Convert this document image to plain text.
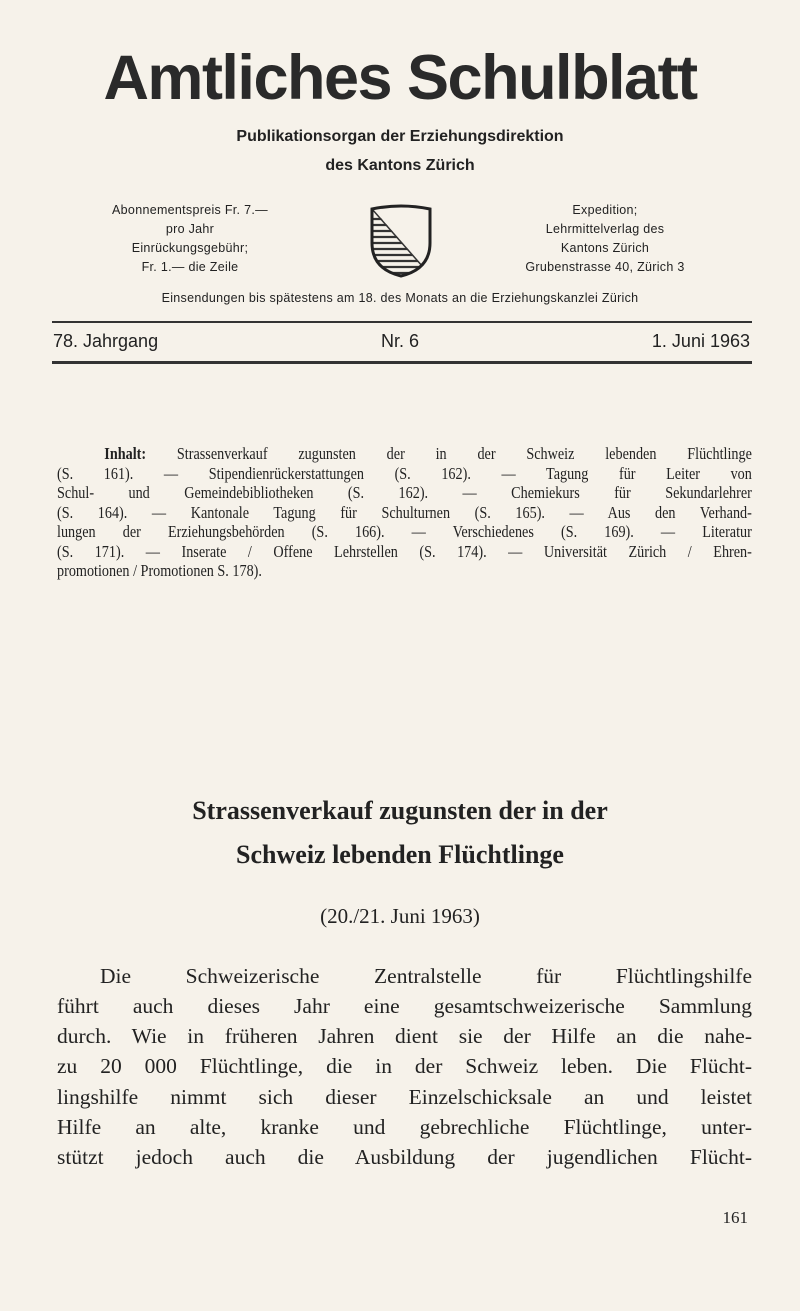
Amtliches Schulblatt
Publikationsorgan der Erziehungsdirektion
des Kantons Zürich
Abonnementspreis Fr. 7.—
pro Jahr
Einrückungsgebühr;
Fr. 1.— die Zeile
Expedition;
Lehrmittelverlag des
Kantons Zürich
Grubenstrasse 40, Zürich 3
Einsendungen bis spätestens am 18. des Monats an die Erziehungskanzlei Zürich
78. Jahrgang	Nr. 6	1. Juni 1963
Inhalt: Strassenverkauf zugunsten der in der Schweiz lebenden Flüchtlinge
(S. 161). — Stipendienrückerstattungen (S. 162). — Tagung für Leiter von
Schul- und Gemeindebibliotheken (S. 162). — Chemiekurs für Sekundarlehrer
(S. 164). — Kantonale Tagung für Schulturnen (S. 165). — Aus den Verhand-
lungen der Erziehungsbehörden (S. 166). — Verschiedenes (S. 169). — Literatur
(S. 171). — Inserate / Offene Lehrstellen (S. 174). — Universität Zürich / Ehren-
promotionen / Promotionen S. 178).
Strassenverkauf zugunsten der in der
Schweiz lebenden Flüchtlinge
(20./21. Juni 1963)
Die Schweizerische Zentralstelle für Flüchtlingshilfe
führt auch dieses Jahr eine gesamtschweizerische Sammlung
durch. Wie in früheren Jahren dient sie der Hilfe an die nahe-
zu 20 000 Flüchtlinge, die in der Schweiz leben. Die Flücht-
lingshilfe nimmt sich dieser Einzelschicksale an und leistet
Hilfe an alte, kranke und gebrechliche Flüchtlinge, unter-
stützt jedoch auch die Ausbildung der jugendlichen Flücht-
161
